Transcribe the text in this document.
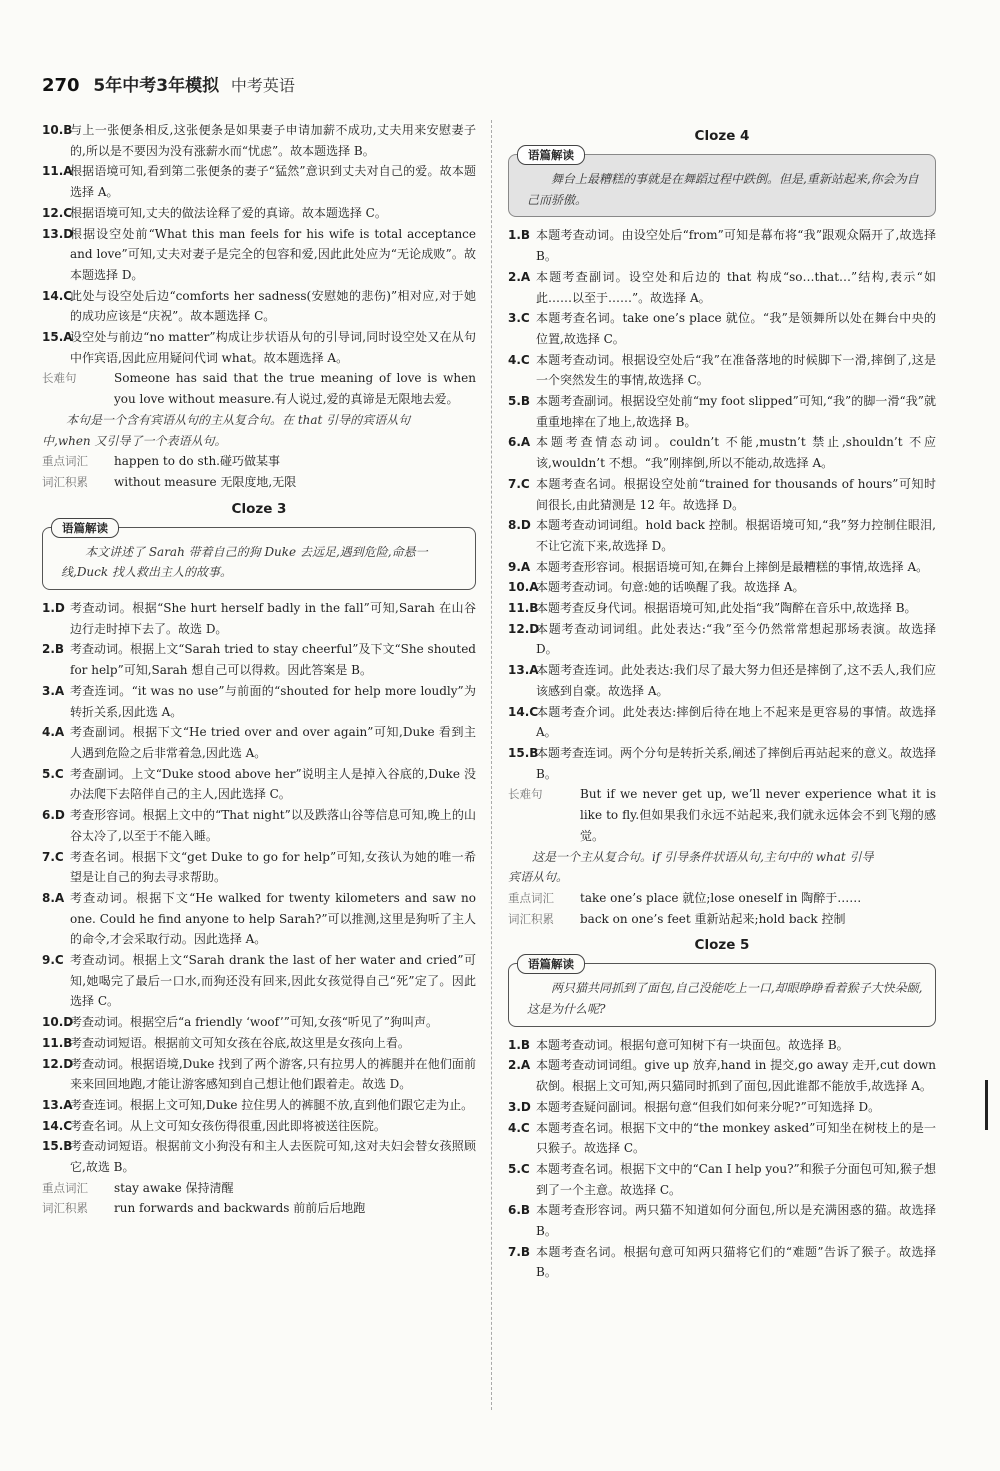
270 5年中考3年模拟 中考英语
10.B
与上一张便条相反,这张便条是如果妻子申请加薪不成功,丈夫用来安慰妻子的,所以是不要因为没有涨薪水而“忧虑”。故本题选择 B。
11.A
根据语境可知,看到第二张便条的妻子“猛然”意识到丈夫对自己的爱。故本题选择 A。
12.C
根据语境可知,丈夫的做法诠释了爱的真谛。故本题选择 C。
13.D
根据设空处前“What this man feels for his wife is total acceptance and love”可知,丈夫对妻子是完全的包容和爱,因此此处应为“无论成败”。故本题选择 D。
14.C
此处与设空处后边“comforts her sadness(安慰她的悲伤)”相对应,对于她的成功应该是“庆祝”。故本题选择 C。
15.A
设空处与前边“no matter”构成让步状语从句的引导词,同时设空处又在从句中作宾语,因此应用疑问代词 what。故本题选择 A。
长难句	Someone has said that the true meaning of love is when you love without measure.有人说过,爱的真谛是无限地去爱。
本句是一个含有宾语从句的主从复合句。在 that 引导的宾语从句
中,when 又引导了一个表语从句。
重点词汇 happen to do sth.碰巧做某事
词汇积累 without measure 无限度地,无限
Cloze 3
语篇解读
本文讲述了 Sarah 带着自己的狗 Duke 去远足,遇到危险,命悬一线,Duck 找人救出主人的故事。
1.D 考查动词。根据“She hurt herself badly in the fall”可知,Sarah 在山谷边行走时掉下去了。故选 D。
2.B 考查动词。根据上文“Sarah tried to stay cheerful”及下文“She shouted for help”可知,Sarah 想自己可以得救。因此答案是 B。
3.A 考查连词。“it was no use”与前面的“shouted for help more loudly”为转折关系,因此选 A。
4.A 考查副词。根据下文“He tried over and over again”可知,Duke 看到主人遇到危险之后非常着急,因此选 A。
5.C 考查副词。上文“Duke stood above her”说明主人是掉入谷底的,Duke 没办法爬下去陪伴自己的主人,因此选择 C。
6.D 考查形容词。根据上文中的“That night”以及跌落山谷等信息可知,晚上的山谷太冷了,以至于不能入睡。
7.C 考查名词。根据下文“get Duke to go for help”可知,女孩认为她的唯一希望是让自己的狗去寻求帮助。
8.A 考查动词。根据下文“He walked for twenty kilometers and saw no one. Could he find anyone to help Sarah?”可以推测,这里是狗听了主人的命令,才会采取行动。因此选择 A。
9.C 考查动词。根据上文“Sarah drank the last of her water and cried”可知,她喝完了最后一口水,而狗还没有回来,因此女孩觉得自己“死”定了。因此选择 C。
10.D
考查动词。根据空后“a friendly ‘woof’”可知,女孩“听见了”狗叫声。
11.B
考查动词短语。根据前文可知女孩在谷底,故这里是女孩向上看。
12.D
考查动词。根据语境,Duke 找到了两个游客,只有拉男人的裤腿并在他们面前来来回回地跑,才能让游客感知到自己想让他们跟着走。故选 D。
13.A
考查连词。根据上文可知,Duke 拉住男人的裤腿不放,直到他们跟它走为止。
14.C
考查名词。从上文可知女孩伤得很重,因此即将被送往医院。
15.B
考查动词短语。根据前文小狗没有和主人去医院可知,这对夫妇会替女孩照顾它,故选 B。
重点词汇 stay awake 保持清醒
词汇积累 run forwards and backwards 前前后后地跑
Cloze 4
语篇解读
舞台上最糟糕的事就是在舞蹈过程中跌倒。但是,重新站起来,你会为自己而骄傲。
1.B 本题考查动词。由设空处后“from”可知是幕布将“我”跟观众隔开了,故选择 B。
2.A 本题考查副词。设空处和后边的 that 构成“so…that…”结构,表示“如此……以至于……”。故选择 A。
3.C 本题考查名词。take one’s place 就位。“我”是领舞所以处在舞台中央的位置,故选择 C。
4.C 本题考查动词。根据设空处后“我”在准备落地的时候脚下一滑,摔倒了,这是一个突然发生的事情,故选择 C。
5.B 本题考查副词。根据设空处前“my foot slipped”可知,“我”的脚一滑“我”就重重地摔在了地上,故选择 B。
6.A 本题考查情态动词。couldn’t 不能,mustn’t 禁止,shouldn’t 不应该,wouldn’t 不想。“我”刚摔倒,所以不能动,故选择 A。
7.C 本题考查名词。根据设空处前“trained for thousands of hours”可知时间很长,由此猜测是 12 年。故选择 D。
8.D 本题考查动词词组。hold back 控制。根据语境可知,“我”努力控制住眼泪,不让它流下来,故选择 D。
9.A 本题考查形容词。根据语境可知,在舞台上摔倒是最糟糕的事情,故选择 A。
10.A
本题考查动词。句意:她的话唤醒了我。故选择 A。
11.B
本题考查反身代词。根据语境可知,此处指“我”陶醉在音乐中,故选择 B。
12.D
本题考查动词词组。此处表达:“我”至今仍然常常想起那场表演。故选择 D。
13.A
本题考查连词。此处表达:我们尽了最大努力但还是摔倒了,这不丢人,我们应该感到自豪。故选择 A。
14.C
本题考查介词。此处表达:摔倒后待在地上不起来是更容易的事情。故选择 A。
15.B
本题考查连词。两个分句是转折关系,阐述了摔倒后再站起来的意义。故选择 B。
长难句	But if we never get up, we’ll never experience what it is like to fly.但如果我们永远不站起来,我们就永远体会不到飞翔的感觉。
这是一个主从复合句。if 引导条件状语从句,主句中的 what 引导
宾语从句。
重点词汇 take one’s place 就位;lose oneself in 陶醉于……
词汇积累 back on one’s feet 重新站起来;hold back 控制
Cloze 5
语篇解读
两只猫共同抓到了面包,自己没能吃上一口,却眼睁睁看着猴子大快朵颐,这是为什么呢?
1.B 本题考查动词。根据句意可知树下有一块面包。故选择 B。
2.A 本题考查动词词组。give up 放弃,hand in 提交,go away 走开,cut down 砍倒。根据上文可知,两只猫同时抓到了面包,因此谁都不能放手,故选择 A。
3.D 本题考查疑问副词。根据句意“但我们如何来分呢?”可知选择 D。
4.C 本题考查名词。根据下文中的“the monkey asked”可知坐在树枝上的是一只猴子。故选择 C。
5.C 本题考查名词。根据下文中的“Can I help you?”和猴子分面包可知,猴子想到了一个主意。故选择 C。
6.B 本题考查形容词。两只猫不知道如何分面包,所以是充满困惑的猫。故选择 B。
7.B 本题考查名词。根据句意可知两只猫将它们的“难题”告诉了猴子。故选择 B。
